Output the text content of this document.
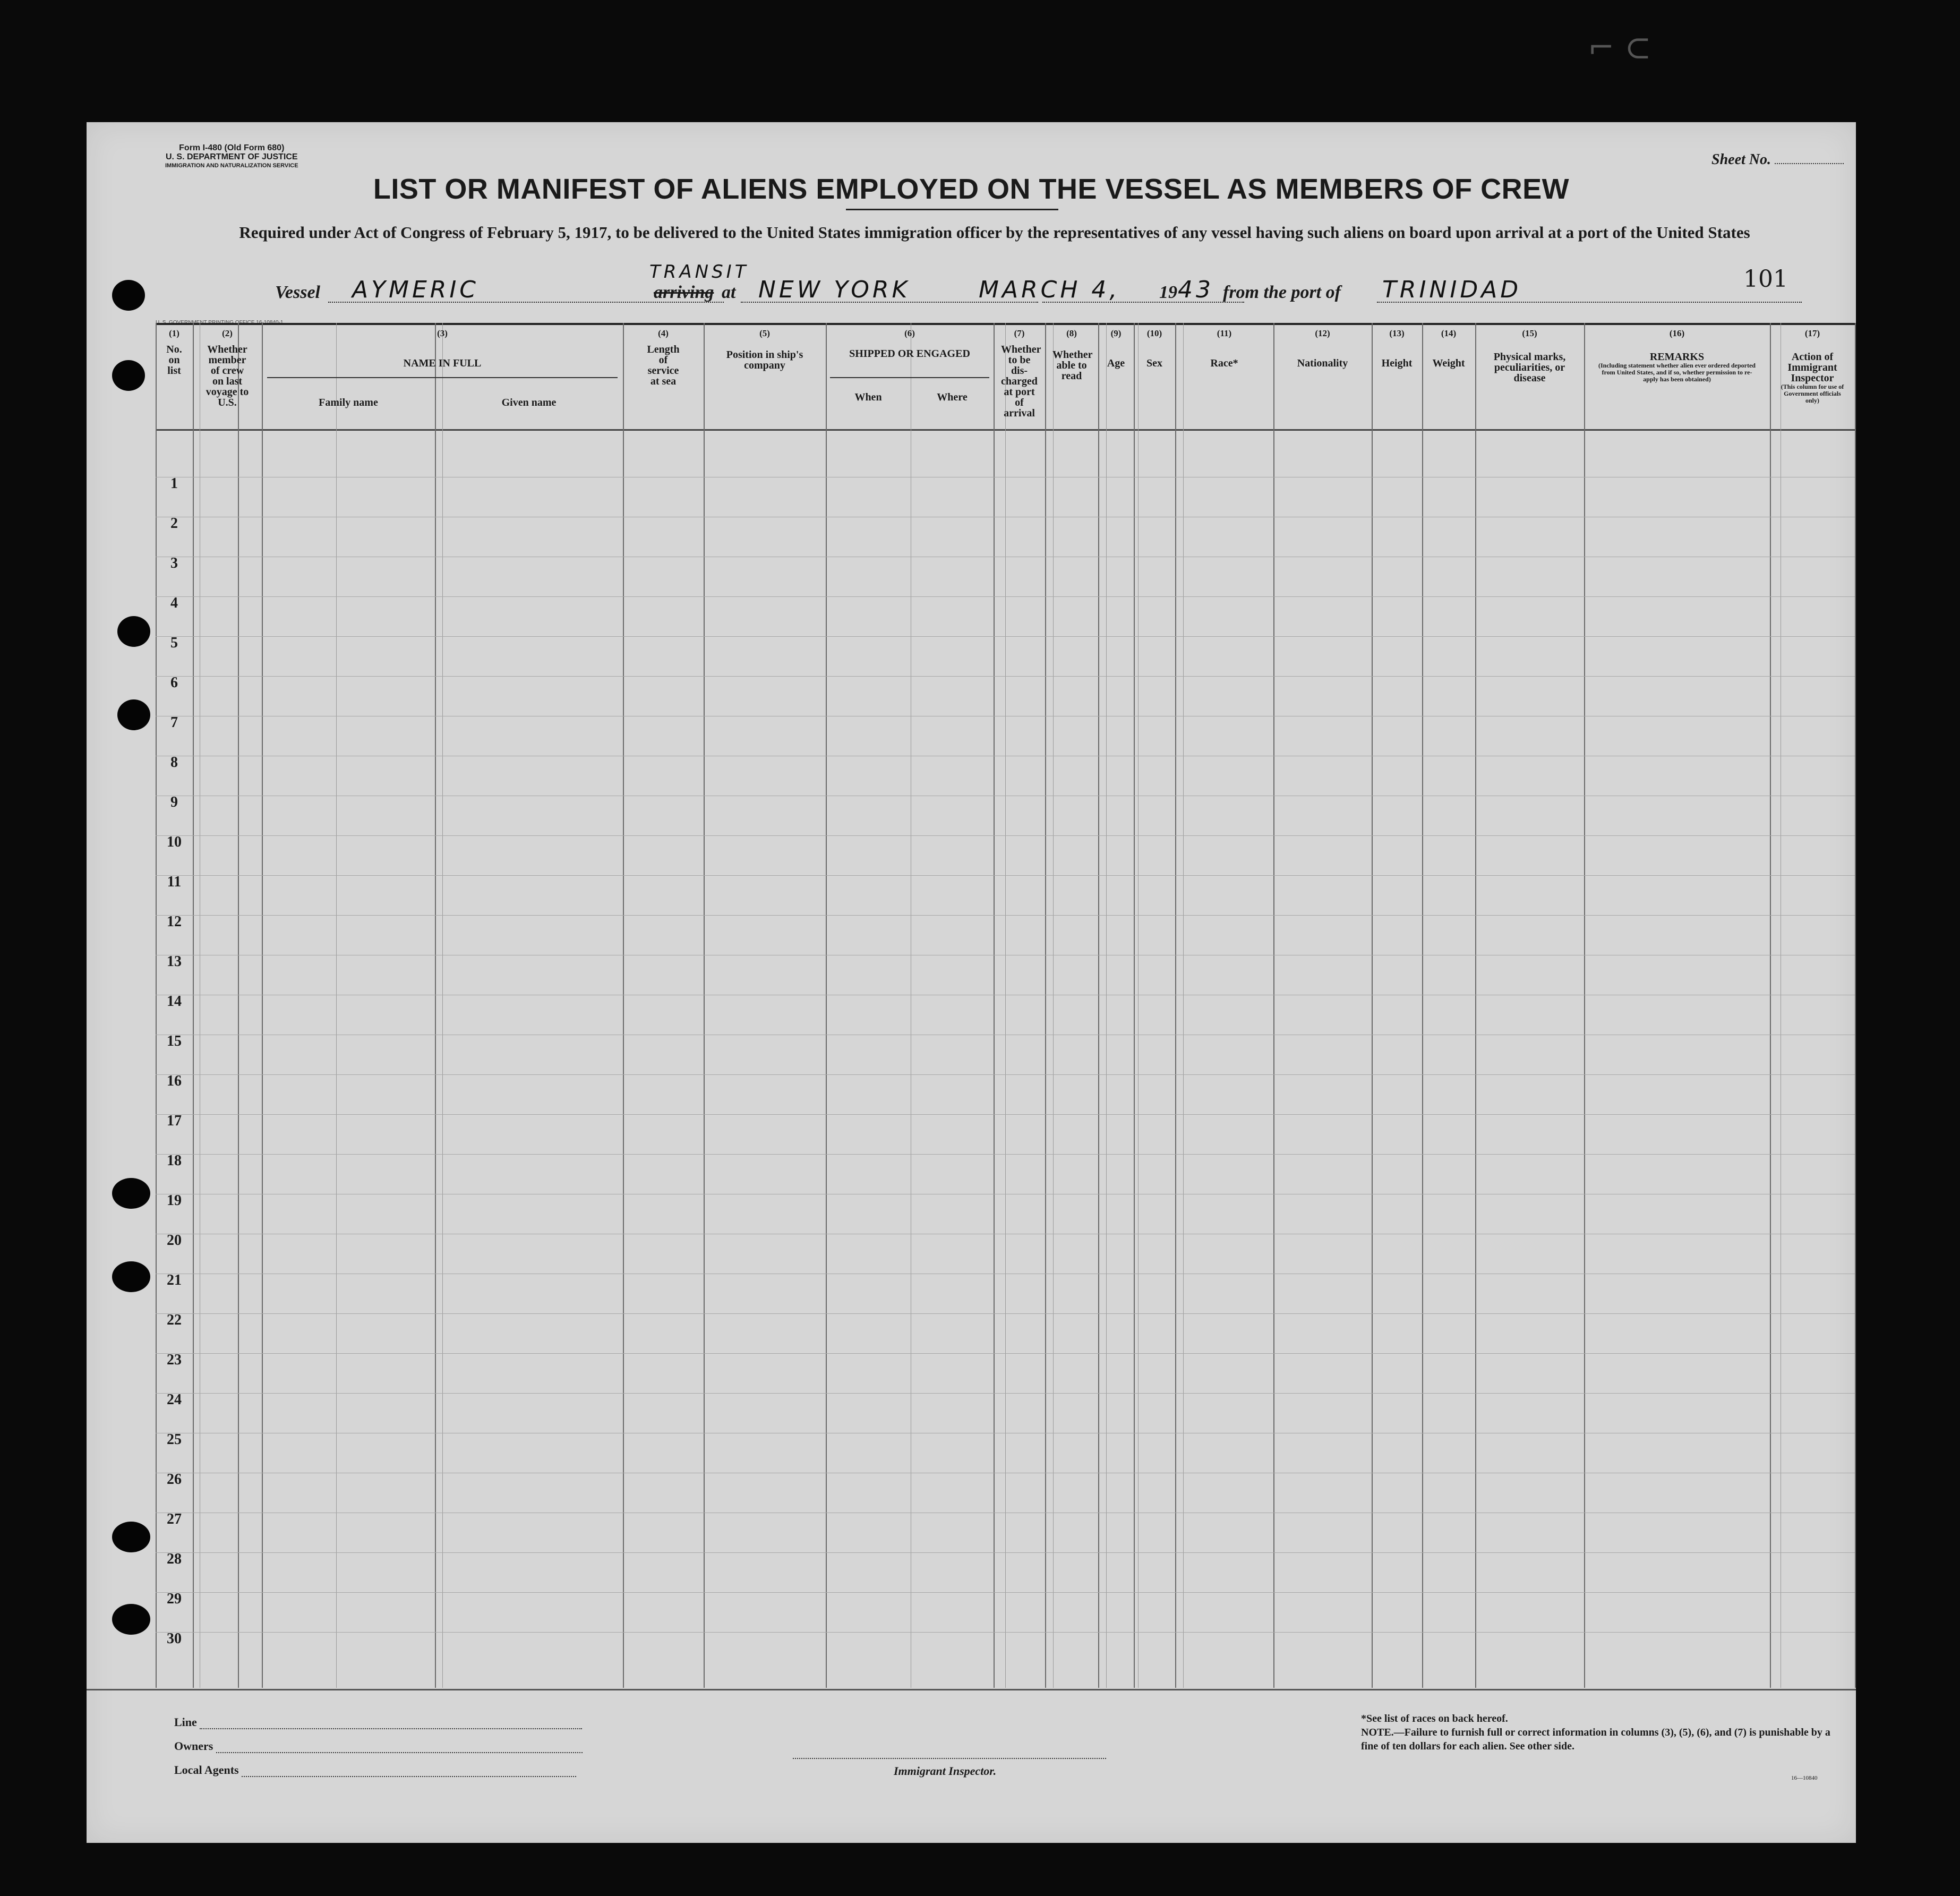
⌐ ⊂
Form I-480 (Old Form 680)
U. S. DEPARTMENT OF JUSTICE
IMMIGRATION AND NATURALIZATION SERVICE	Sheet No.
LIST OR MANIFEST OF ALIENS EMPLOYED ON THE VESSEL AS MEMBERS OF CREW
Required under Act of Congress of February 5, 1917, to be delivered to the United States immigration officer by the representatives of any vessel having such aliens on board upon arrival at a port of the United States
Vessel AYMERIC
TRANSIT
arriving at NEW YORK	MARCH 4, 19 43 from the port of TRINIDAD	101
U. S. GOVERNMENT PRINTING OFFICE 16-10840-1
(1)
No. on list
(2)
Whether member of crew on last voyage to U.S.
(3)
NAME IN FULL
Family name	Given name
(4)
Length of service at sea
(5)
Position in ship's company
(6)
SHIPPED OR ENGAGED
When	Where
(7)
Whether to be dis-charged at port of arrival
(8)
Whether able to read
(9)
Age
(10)
Sex
(11)
Race*
(12)
Nationality
(13)
Height
(14)
Weight
(15)
Physical marks, peculiarities, or disease
(16)
REMARKS
(Including statement whether alien ever ordered deported from United States, and if so, whether permission to re-apply has been obtained)
(17)
Action of Immigrant Inspector
(This column for use of Government officials only)
1
2
3
4
5
6
7
8
9
10
11
12
13
14
15
16
17
18
19
20
21
22
23
24
25
26
27
28
29
30
Line
Owners
Local Agents	Immigrant Inspector.
*See list of races on back hereof.
NOTE.—Failure to furnish full or correct information in columns (3), (5), (6), and (7) is punishable by a fine of ten dollars for each alien. See other side.
16—10840
